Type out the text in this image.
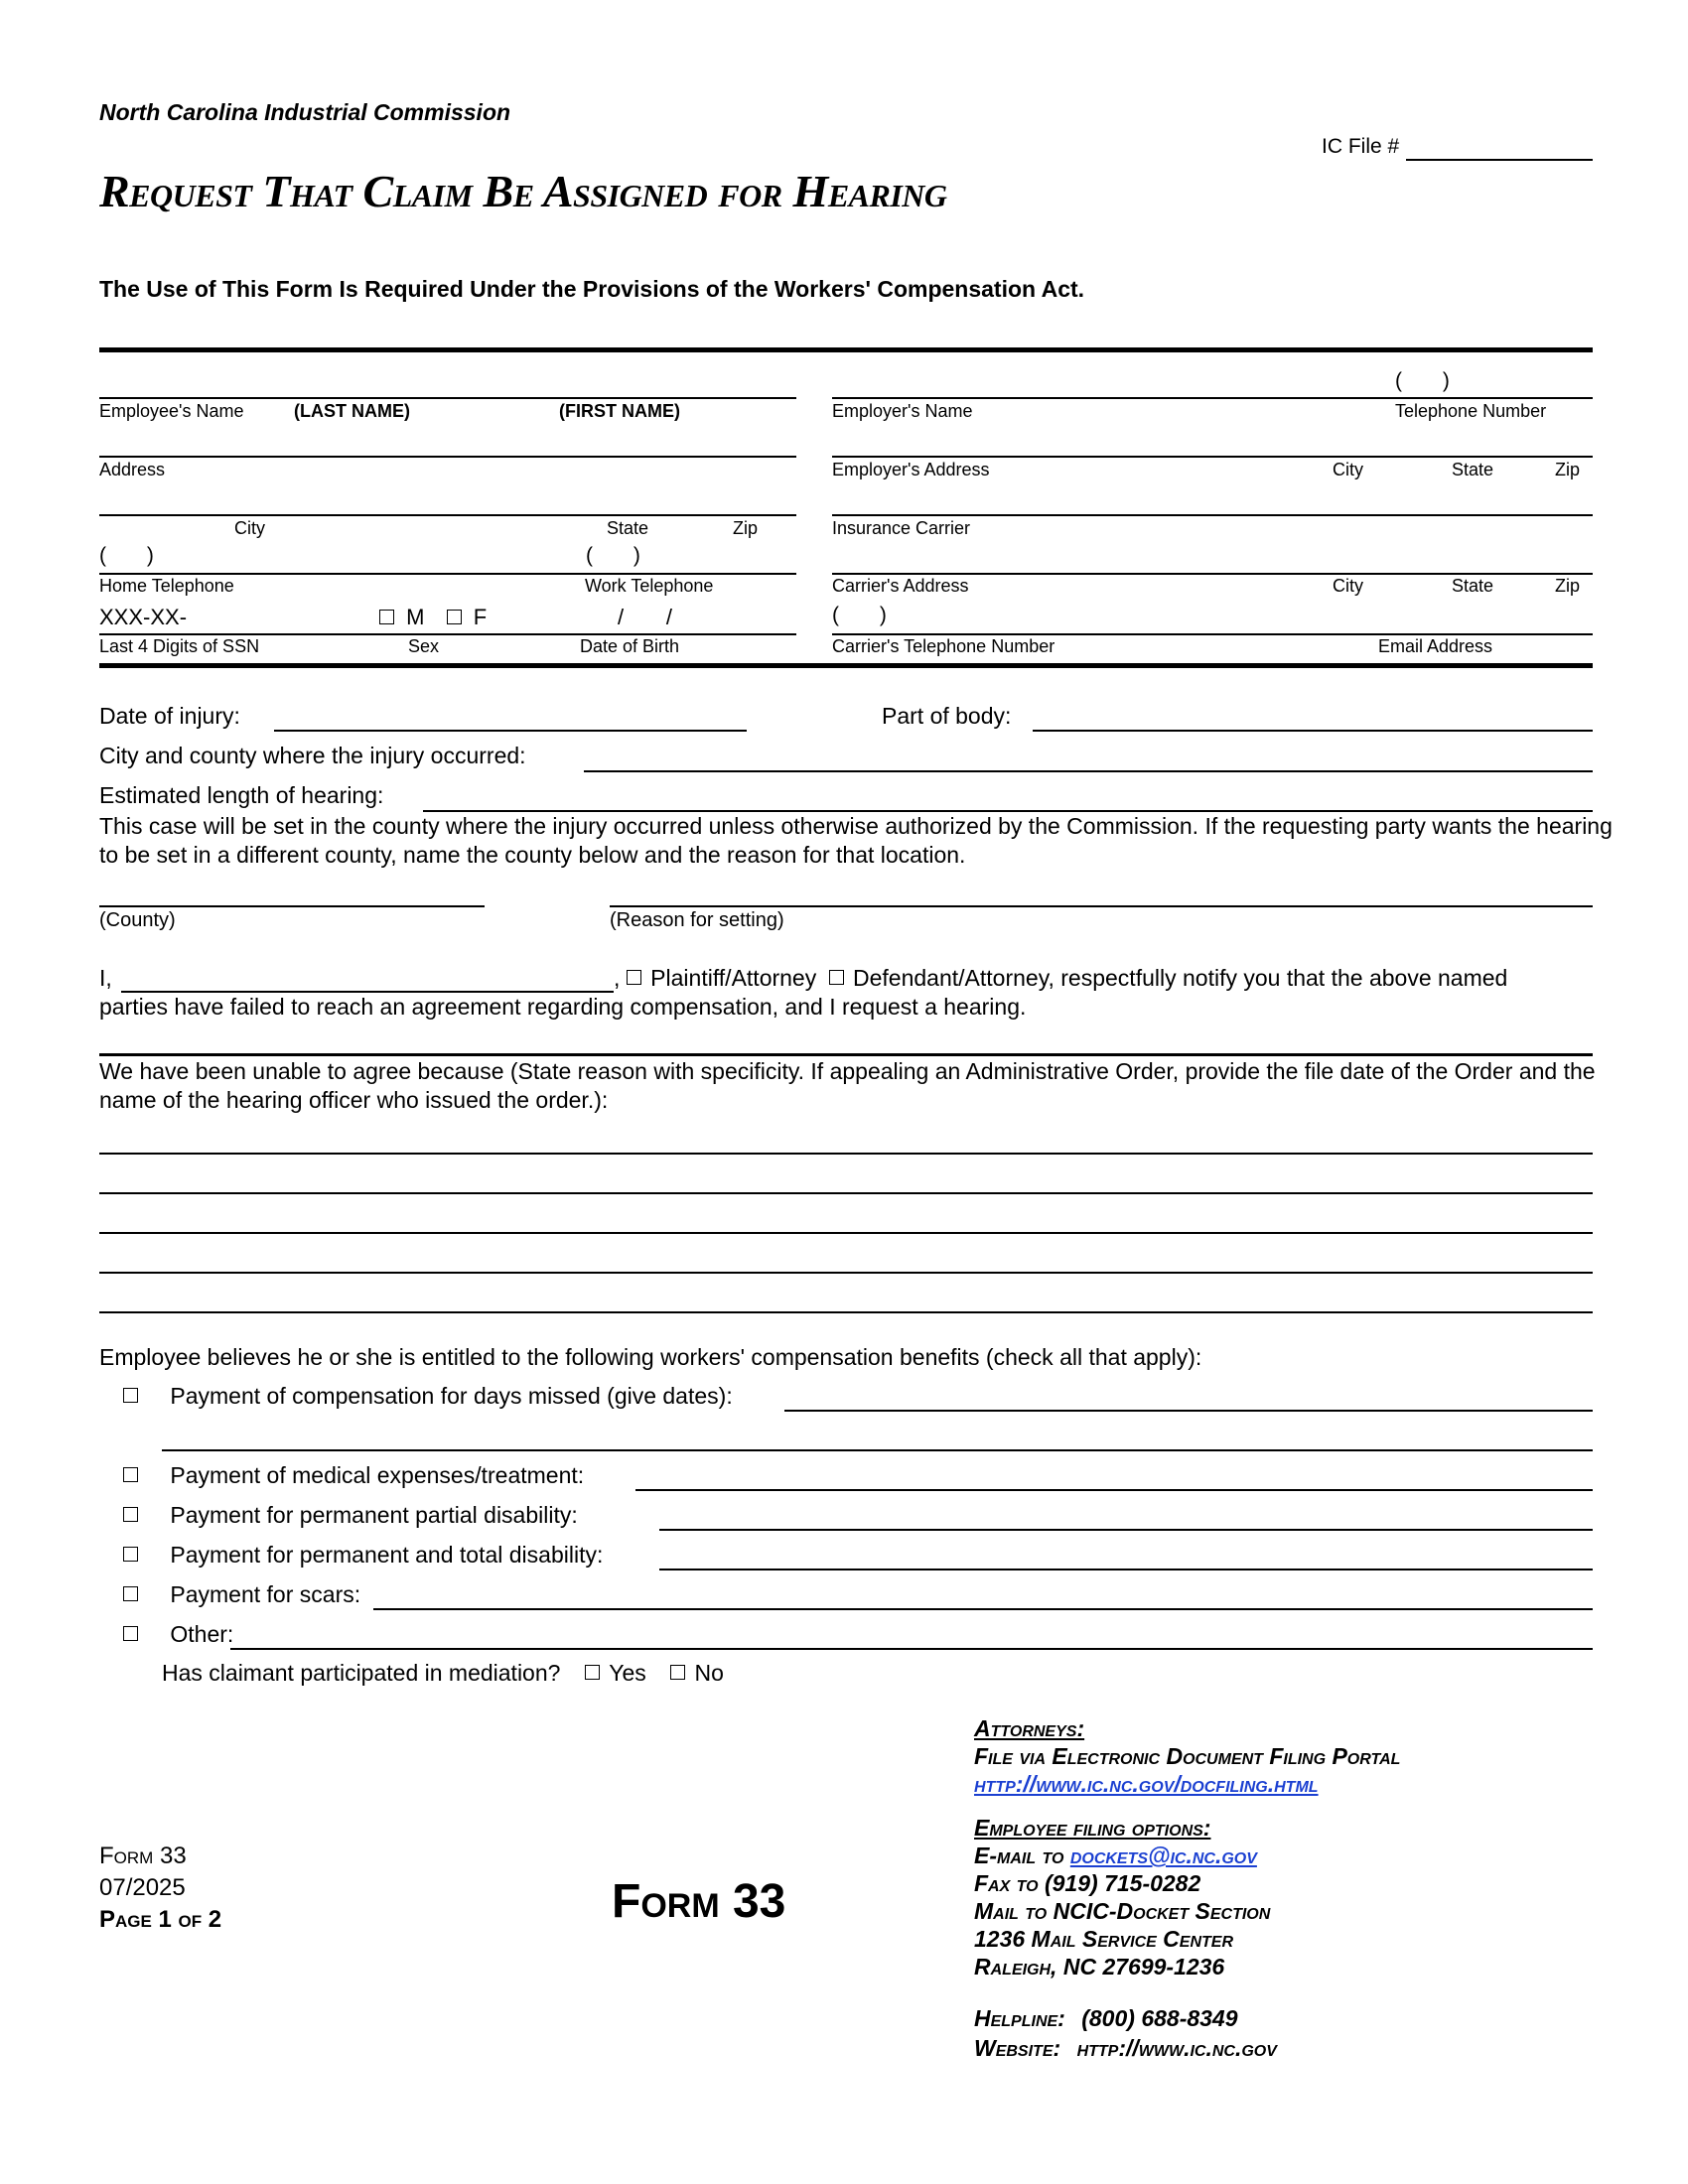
North Carolina Industrial Commission
IC File #
Request That Claim Be Assigned for Hearing
The Use of This Form Is Required Under the Provisions of the Workers' Compensation Act.
Employee's Name	(LAST NAME)	(FIRST NAME)
Address
City	State	Zip
(       )	(       )
Home Telephone	Work Telephone
XXX-XX-	M F	/       /
Last 4 Digits of SSN	Sex	Date of Birth
(       )
Employer's Name	Telephone Number
Employer's Address	City	State	Zip
Insurance Carrier
Carrier's Address	City	State	Zip
(       )
Carrier's Telephone Number	Email Address
Date of injury:	Part of body:
City and county where the injury occurred:
Estimated length of hearing:
This case will be set in the county where the injury occurred unless otherwise authorized by the Commission. If the requesting party wants the hearing to be set in a different county, name the county below and the reason for that location.
(County)	(Reason for setting)
I,	,  Plaintiff/Attorney Defendant/Attorney, respectfully notify you that the above named
parties have failed to reach an agreement regarding compensation, and I request a hearing.
We have been unable to agree because (State reason with specificity. If appealing an Administrative Order, provide the file date of the Order and the name of the hearing officer who issued the order.):
Employee believes he or she is entitled to the following workers' compensation benefits (check all that apply):
Payment of compensation for days missed (give dates):
Payment of medical expenses/treatment:
Payment for permanent partial disability:
Payment for permanent and total disability:
Payment for scars:
Other:
Has claimant participated in mediation? Yes No
Form 33
07/2025
Page 1 of 2	Form 33
Attorneys:
File via Electronic Document Filing Portal
http://www.ic.nc.gov/docfiling.html
Employee filing options:
E-mail to dockets@ic.nc.gov
Fax to (919) 715-0282
Mail to NCIC-Docket Section
1236 Mail Service Center
Raleigh, NC 27699-1236
Helpline: (800) 688-8349
Website: http://www.ic.nc.gov
